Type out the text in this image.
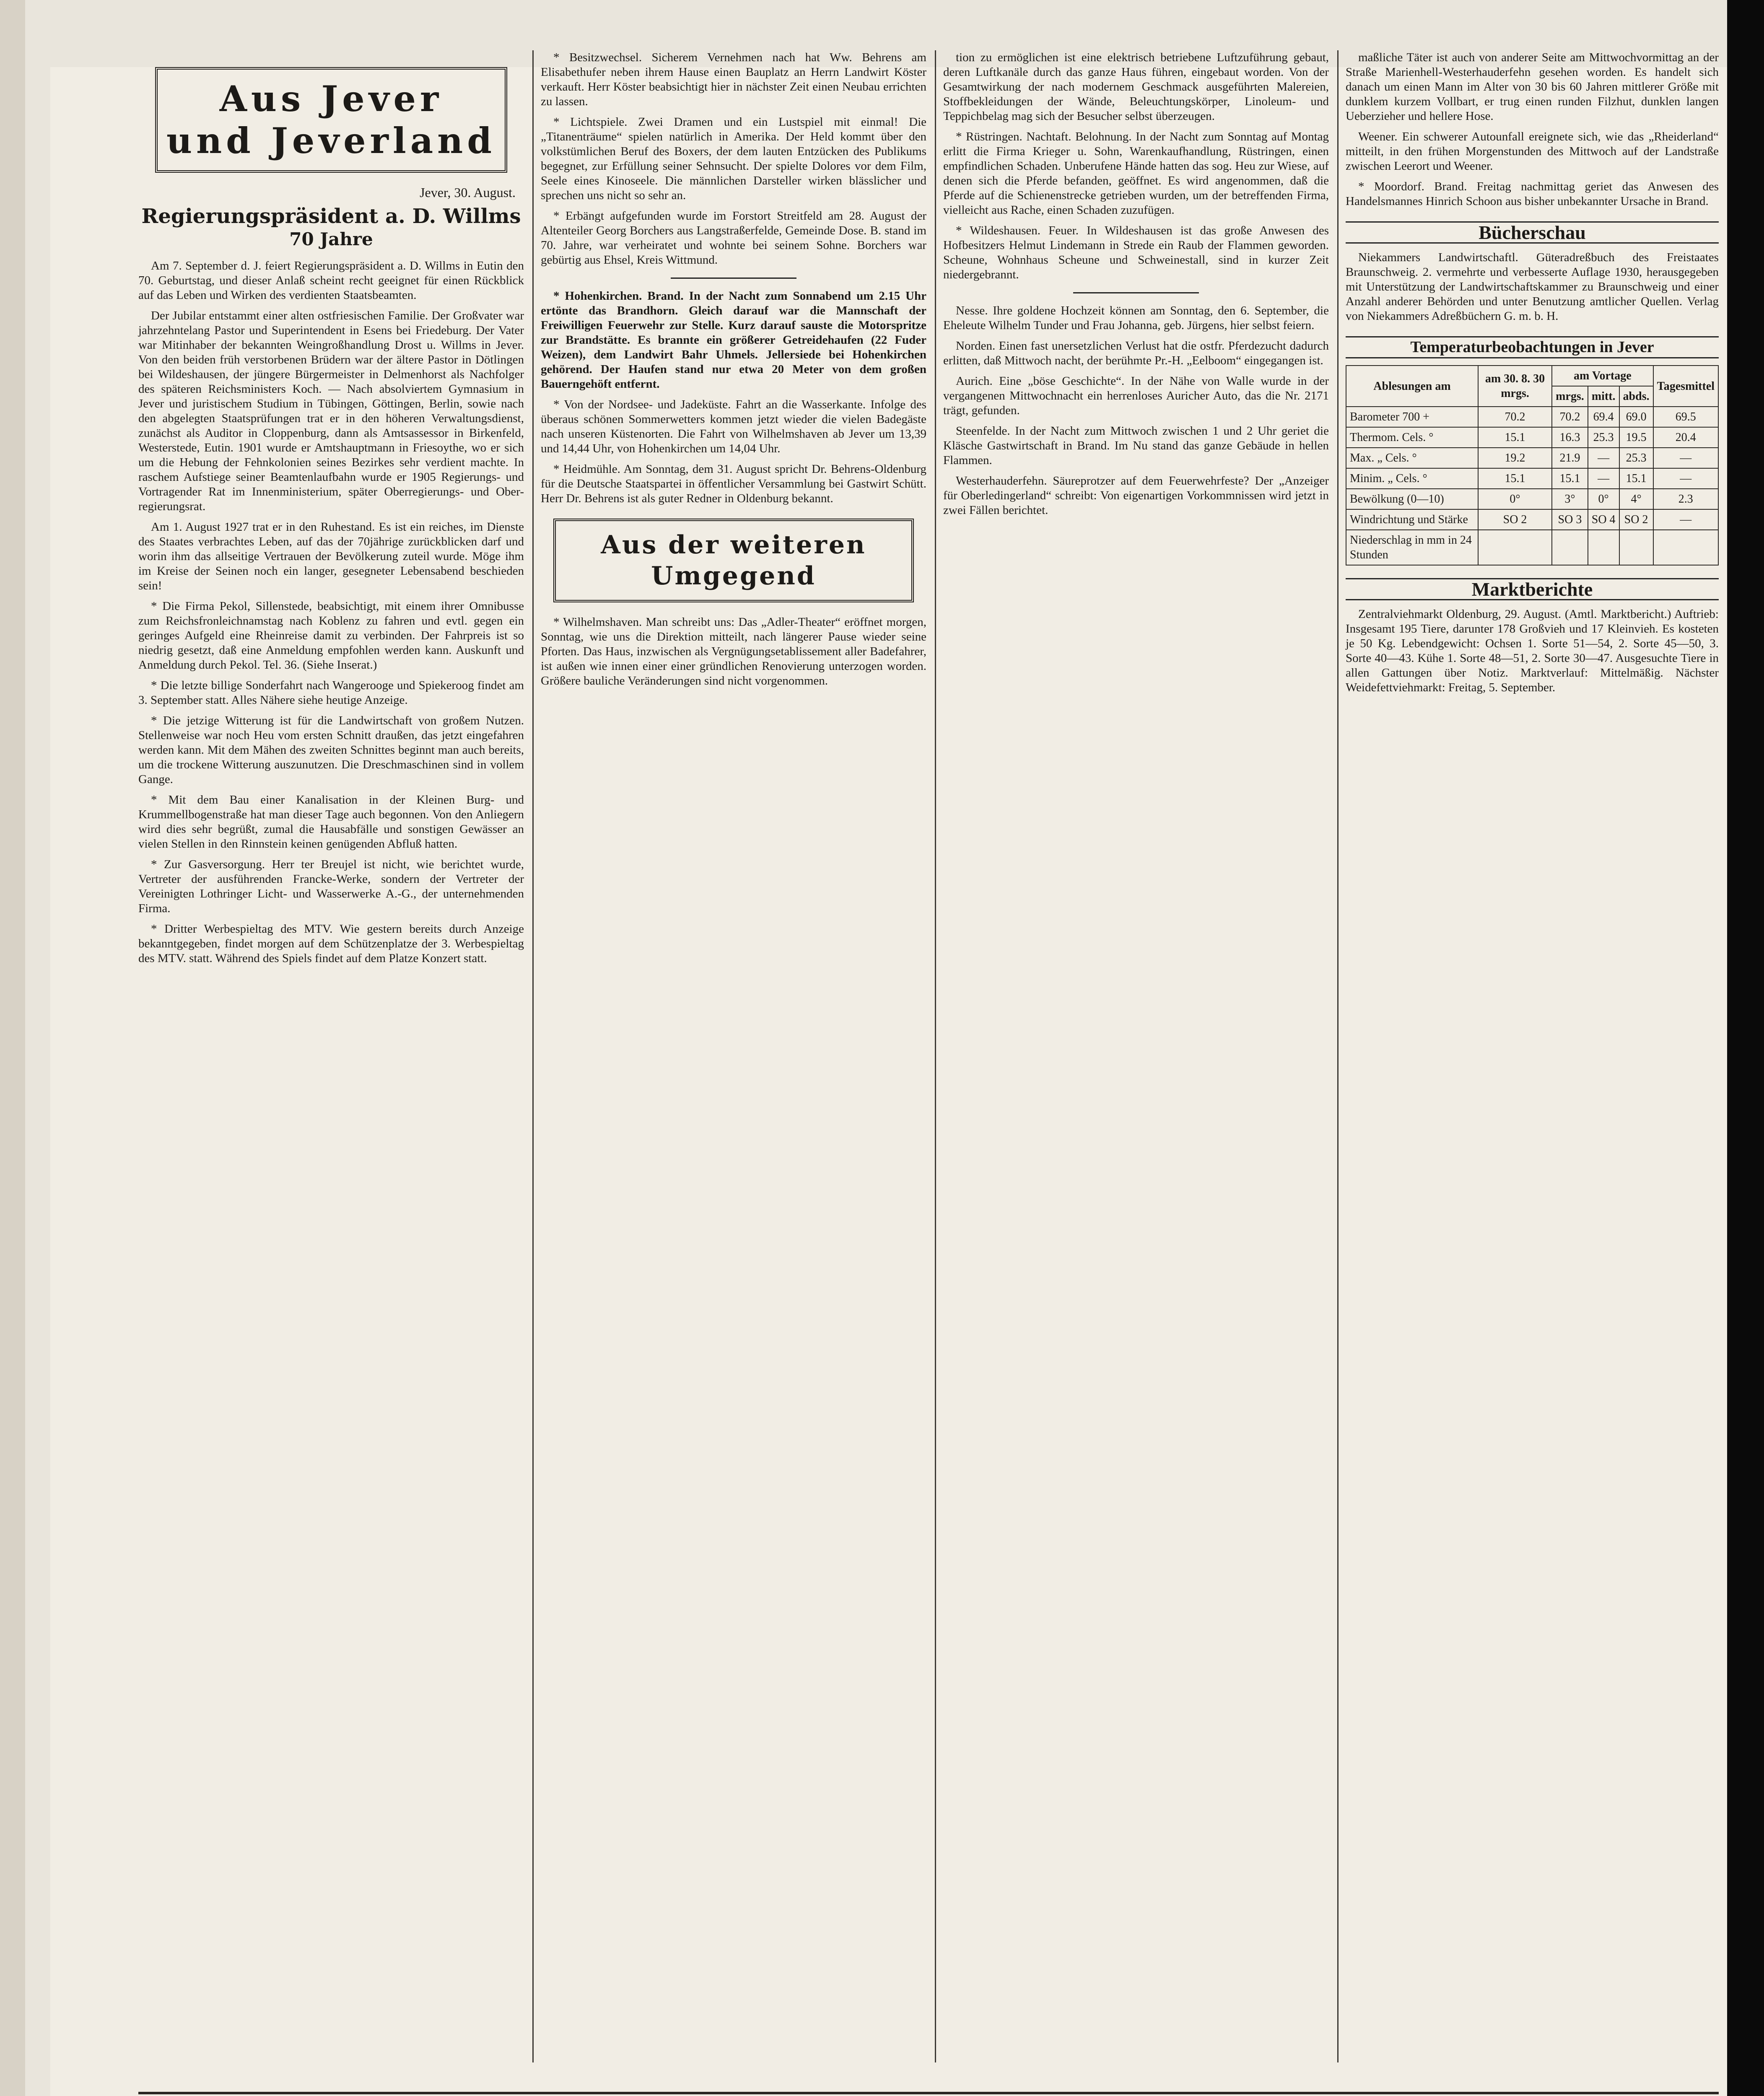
Aus Jever
und Jeverland
Jever, 30. August.
Regierungspräsident a. D. Willms
70 Jahre

Am 7. September d. J. feiert Regierungspräsident a. D. Willms in Eutin den 70. Geburtstag, und dieser Anlaß scheint recht geeignet für einen Rückblick auf das Leben und Wirken des verdienten Staatsbeamten.

Der Jubilar entstammt einer alten ostfriesischen Familie. Der Großvater war jahrzehntelang Pastor und Superintendent in Esens bei Friedeburg. Der Vater war Mitinhaber der bekannten Weingroßhandlung Drost u. Willms in Jever. Von den beiden früh verstorbenen Brüdern war der ältere Pastor in Dötlingen bei Wildeshausen, der jüngere Bürgermeister in Delmenhorst als Nachfolger des späteren Reichsministers Koch. — Nach absolviertem Gymnasium in Jever und juristischem Studium in Tübingen, Göttingen, Berlin, sowie nach den abgelegten Staatsprüfungen trat er in den höheren Verwaltungsdienst, zunächst als Auditor in Cloppenburg, dann als Amtsassessor in Birkenfeld, Westerstede, Eutin. 1901 wurde er Amtshauptmann in Friesoythe, wo er sich um die Hebung der Fehnkolonien seines Bezirkes sehr verdient machte. In raschem Aufstiege seiner Beamtenlaufbahn wurde er 1905 Regierungs- und Vortragender Rat im Innenministerium, später Oberregierungs- und Ober-regierungsrat.

Am 1. August 1927 trat er in den Ruhestand. Es ist ein reiches, im Dienste des Staates verbrachtes Leben, auf das der 70jährige zurückblicken darf und worin ihm das allseitige Vertrauen der Bevölkerung zuteil wurde. Möge ihm im Kreise der Seinen noch ein langer, gesegneter Lebensabend beschieden sein!

* Die Firma Pekol, Sillenstede, beabsichtigt, mit einem ihrer Omnibusse zum Reichsfronleichnamstag nach Koblenz zu fahren und evtl. gegen ein geringes Aufgeld eine Rheinreise damit zu verbinden. Der Fahrpreis ist so niedrig gesetzt, daß eine Anmeldung empfohlen werden kann. Auskunft und Anmeldung durch Pekol. Tel. 36. (Siehe Inserat.)

* Die letzte billige Sonderfahrt nach Wangerooge und Spiekeroog findet am 3. September statt. Alles Nähere siehe heutige Anzeige.

* Die jetzige Witterung ist für die Landwirtschaft von großem Nutzen. Stellenweise war noch Heu vom ersten Schnitt draußen, das jetzt eingefahren werden kann. Mit dem Mähen des zweiten Schnittes beginnt man auch bereits, um die trockene Witterung auszunutzen. Die Dreschmaschinen sind in vollem Gange.

* Mit dem Bau einer Kanalisation in der Kleinen Burg- und Krummellbogenstraße hat man dieser Tage auch begonnen. Von den Anliegern wird dies sehr begrüßt, zumal die Hausabfälle und sonstigen Gewässer an vielen Stellen in den Rinnstein keinen genügenden Abfluß hatten.

* Zur Gasversorgung. Herr ter Breujel ist nicht, wie berichtet wurde, Vertreter der ausführenden Francke-Werke, sondern der Vertreter der Vereinigten Lothringer Licht- und Wasserwerke A.-G., der unternehmenden Firma.

* Dritter Werbespieltag des MTV. Wie gestern bereits durch Anzeige bekanntgegeben, findet morgen auf dem Schützenplatze der 3. Werbespieltag des MTV. statt. Während des Spiels findet auf dem Platze Konzert statt.

* Besitzwechsel. Sicherem Vernehmen nach hat Ww. Behrens am Elisabethufer neben ihrem Hause einen Bauplatz an Herrn Landwirt Köster verkauft. Herr Köster beabsichtigt hier in nächster Zeit einen Neubau errichten zu lassen.

* Lichtspiele. Zwei Dramen und ein Lustspiel mit einmal! Die „Titanenträume“ spielen natürlich in Amerika. Der Held kommt über den volkstümlichen Beruf des Boxers, der dem lauten Entzücken des Publikums begegnet, zur Erfüllung seiner Sehnsucht. Der spielte Dolores vor dem Film, Seele eines Kinoseele. Die männlichen Darsteller wirken blässlicher und sprechen uns nicht so sehr an.

* Erbängt aufgefunden wurde im Forstort Streitfeld am 28. August der Altenteiler Georg Borchers aus Langstraßerfelde, Gemeinde Dose. B. stand im 70. Jahre, war verheiratet und wohnte bei seinem Sohne. Borchers war gebürtig aus Ehsel, Kreis Wittmund.

* Hohenkirchen. Brand. In der Nacht zum Sonnabend um 2.15 Uhr ertönte das Brandhorn. Gleich darauf war die Mannschaft der Freiwilligen Feuerwehr zur Stelle. Kurz darauf sauste die Motorspritze zur Brandstätte. Es brannte ein größerer Getreidehaufen (22 Fuder Weizen), dem Landwirt Bahr Uhmels. Jellersiede bei Hohenkirchen gehörend. Der Haufen stand nur etwa 20 Meter von dem großen Bauerngehöft entfernt.

* Von der Nordsee- und Jadeküste. Fahrt an die Wasserkante. Infolge des überaus schönen Sommerwetters kommen jetzt wieder die vielen Badegäste nach unseren Küstenorten. Die Fahrt von Wilhelmshaven ab Jever um 13,39 und 14,44 Uhr, von Hohenkirchen um 14,04 Uhr.

* Heidmühle. Am Sonntag, dem 31. August spricht Dr. Behrens-Oldenburg für die Deutsche Staatspartei in öffentlicher Versammlung bei Gastwirt Schütt. Herr Dr. Behrens ist als guter Redner in Oldenburg bekannt.

Aus der weiteren
Umgegend

* Wilhelmshaven. Man schreibt uns: Das „Adler-Theater“ eröffnet morgen, Sonntag, wie uns die Direktion mitteilt, nach längerer Pause wieder seine Pforten. Das Haus, inzwischen als Vergnügungsetablissement aller Badefahrer, ist außen wie innen einer einer gründlichen Renovierung unterzogen worden. Größere bauliche Veränderungen sind nicht vorgenommen.

tion zu ermöglichen ist eine elektrisch betriebene Luftzuführung gebaut, deren Luftkanäle durch das ganze Haus führen, eingebaut worden. Von der Gesamtwirkung der nach modernem Geschmack ausgeführten Malereien, Stoffbekleidungen der Wände, Beleuchtungskörper, Linoleum- und Teppichbelag mag sich der Besucher selbst überzeugen.

* Rüstringen. Nachtaft. Belohnung. In der Nacht zum Sonntag auf Montag erlitt die Firma Krieger u. Sohn, Warenkaufhandlung, Rüstringen, einen empfindlichen Schaden. Unberufene Hände hatten das sog. Heu zur Wiese, auf denen sich die Pferde befanden, geöffnet. Es wird angenommen, daß die Pferde auf die Schienenstrecke getrieben wurden, um der betreffenden Firma, vielleicht aus Rache, einen Schaden zuzufügen.

* Wildeshausen. Feuer. In Wildeshausen ist das große Anwesen des Hofbesitzers Helmut Lindemann in Strede ein Raub der Flammen geworden. Scheune, Wohnhaus Scheune und Schweinestall, sind in kurzer Zeit niedergebrannt.

Nesse. Ihre goldene Hochzeit können am Sonntag, den 6. September, die Eheleute Wilhelm Tunder und Frau Johanna, geb. Jürgens, hier selbst feiern.

Norden. Einen fast unersetzlichen Verlust hat die ostfr. Pferdezucht dadurch erlitten, daß Mittwoch nacht, der berühmte Pr.-H. „Eelboom“ eingegangen ist.

Aurich. Eine „böse Geschichte“. In der Nähe von Walle wurde in der vergangenen Mittwochnacht ein herrenloses Auricher Auto, das die Nr. 2171 trägt, gefunden.

Steenfelde. In der Nacht zum Mittwoch zwischen 1 und 2 Uhr geriet die Kläsche Gastwirtschaft in Brand. Im Nu stand das ganze Gebäude in hellen Flammen.

Westerhauderfehn. Säureprotzer auf dem Feuerwehrfeste? Der „Anzeiger für Oberledingerland“ schreibt: Von eigenartigen Vorkommnissen wird jetzt in zwei Fällen berichtet.

maßliche Täter ist auch von anderer Seite am Mittwochvormittag an der Straße Marienhell-Westerhauderfehn gesehen worden. Es handelt sich danach um einen Mann im Alter von 30 bis 60 Jahren mittlerer Größe mit dunklem kurzem Vollbart, er trug einen runden Filzhut, dunklen langen Ueberzieher und hellere Hose.

Weener. Ein schwerer Autounfall ereignete sich, wie das „Rheiderland“ mitteilt, in den frühen Morgenstunden des Mittwoch auf der Landstraße zwischen Leerort und Weener.

* Moordorf. Brand. Freitag nachmittag geriet das Anwesen des Handelsmannes Hinrich Schoon aus bisher unbekannter Ursache in Brand.

Bücherschau

Niekammers Landwirtschaftl. Güteradreßbuch des Freistaates Braunschweig. 2. vermehrte und verbesserte Auflage 1930, herausgegeben mit Unterstützung der Landwirtschaftskammer zu Braunschweig und einer Anzahl anderer Behörden und unter Benutzung amtlicher Quellen. Verlag von Niekammers Adreßbüchern G. m. b. H.

Temperaturbeobachtungen in Jever
Ablesungen am	am 30. 8. 30 mrgs.	am Vortage			Tagesmittel
		mrgs.	mitt.	abds.	
Barometer 700 +	70.2	70.2	69.4	69.0	69.5
Thermom. Cels. °	15.1	16.3	25.3	19.5	20.4
Max. „ Cels. °	19.2	21.9	—	25.3	—
Minim. „ Cels. °	15.1	15.1	—	15.1	—
Bewölkung (0—10)	0°	3°	0°	4°	2.3
Windrichtung und Stärke	SO 2	SO 3	SO 4	SO 2	—
Niederschlag in mm in 24 Stunden					
Marktberichte

Zentralviehmarkt Oldenburg, 29. August. (Amtl. Marktbericht.) Auftrieb: Insgesamt 195 Tiere, darunter 178 Großvieh und 17 Kleinvieh. Es kosteten je 50 Kg. Lebendgewicht: Ochsen 1. Sorte 51—54, 2. Sorte 45—50, 3. Sorte 40—43. Kühe 1. Sorte 48—51, 2. Sorte 30—47. Ausgesuchte Tiere in allen Gattungen über Notiz. Marktverlauf: Mittelmäßig. Nächster Weidefettviehmarkt: Freitag, 5. September.
